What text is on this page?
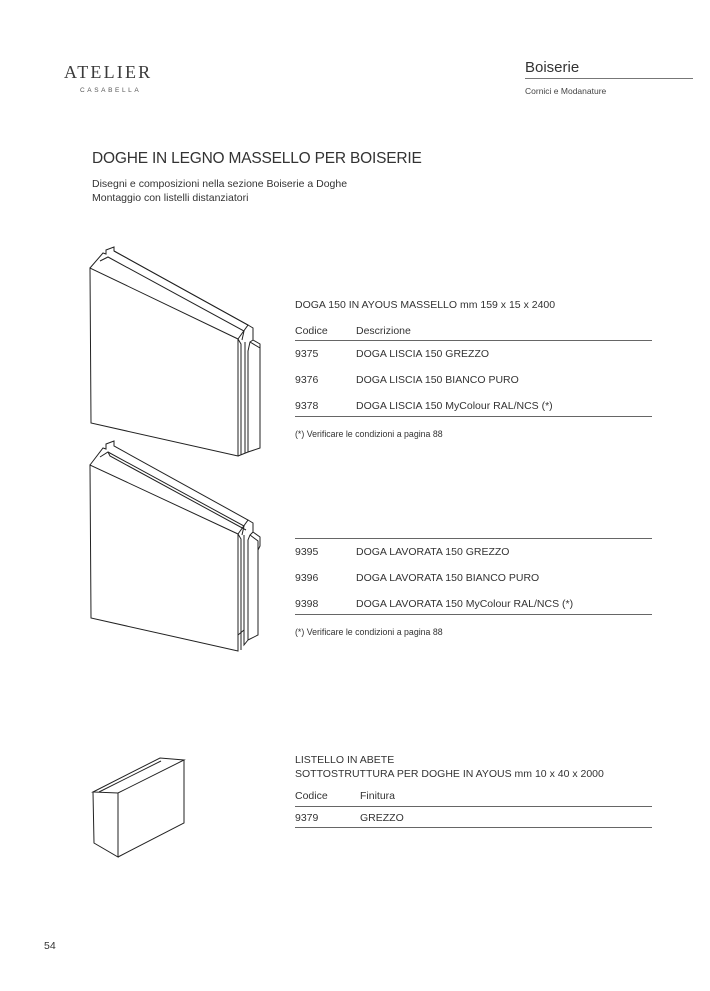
ATELIER
CASABELLA
Boiserie
Cornici e Modanature
DOGHE IN LEGNO MASSELLO PER BOISERIE
Disegni e composizioni nella sezione Boiserie a Doghe
Montaggio con listelli distanziatori
DOGA 150 IN AYOUS MASSELLO mm 159 x 15 x 2400
Codice	Descrizione
9375	DOGA LISCIA 150 GREZZO
9376	DOGA LISCIA 150 BIANCO PURO
9378	DOGA LISCIA 150 MyColour RAL/NCS (*)
(*) Verificare le condizioni a pagina 88
9395	DOGA LAVORATA 150 GREZZO
9396	DOGA LAVORATA 150 BIANCO PURO
9398	DOGA LAVORATA 150 MyColour RAL/NCS (*)
(*) Verificare le condizioni a pagina 88
LISTELLO IN ABETE
SOTTOSTRUTTURA PER DOGHE IN AYOUS mm 10 x 40 x 2000
Codice	Finitura
9379	GREZZO
54
